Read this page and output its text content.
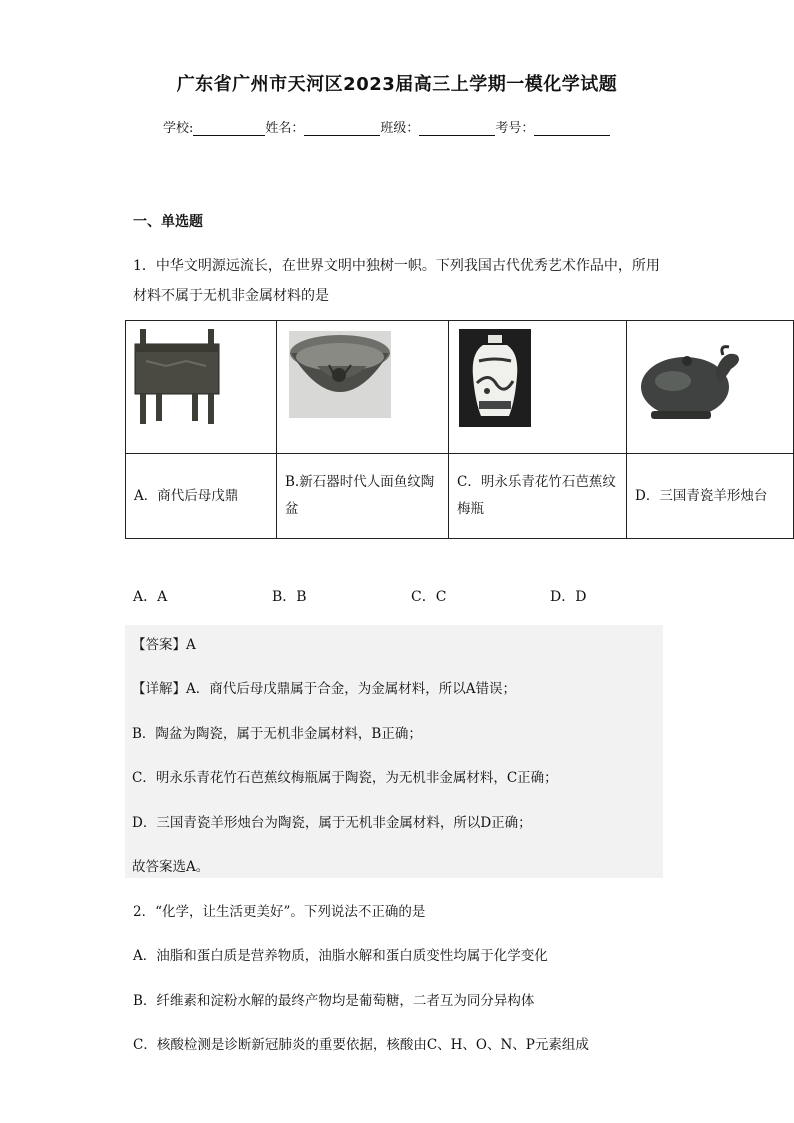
广东省广州市天河区2023届高三上学期一模化学试题
学校:	姓名：	班级：	考号：
一、单选题
1．中华文明源远流长，在世界文明中独树一帜。下列我国古代优秀艺术作品中，所用
材料不属于无机非金属材料的是

A．商代后母戊鼎	B.新石器时代人面鱼纹陶盆	C．明永乐青花竹石芭蕉纹梅瓶	D．三国青瓷羊形烛台
A．A	B．B	C．C	D．D
【答案】A
【详解】A．商代后母戊鼎属于合金，为金属材料，所以A错误；
B．陶盆为陶瓷，属于无机非金属材料，B正确；
C．明永乐青花竹石芭蕉纹梅瓶属于陶瓷，为无机非金属材料，C正确；
D．三国青瓷羊形烛台为陶瓷，属于无机非金属材料，所以D正确；
故答案选A。
2．“化学，让生活更美好”。下列说法不正确的是
A．油脂和蛋白质是营养物质，油脂水解和蛋白质变性均属于化学变化
B．纤维素和淀粉水解的最终产物均是葡萄糖，二者互为同分异构体
C．核酸检测是诊断新冠肺炎的重要依据，核酸由C、H、O、N、P元素组成
